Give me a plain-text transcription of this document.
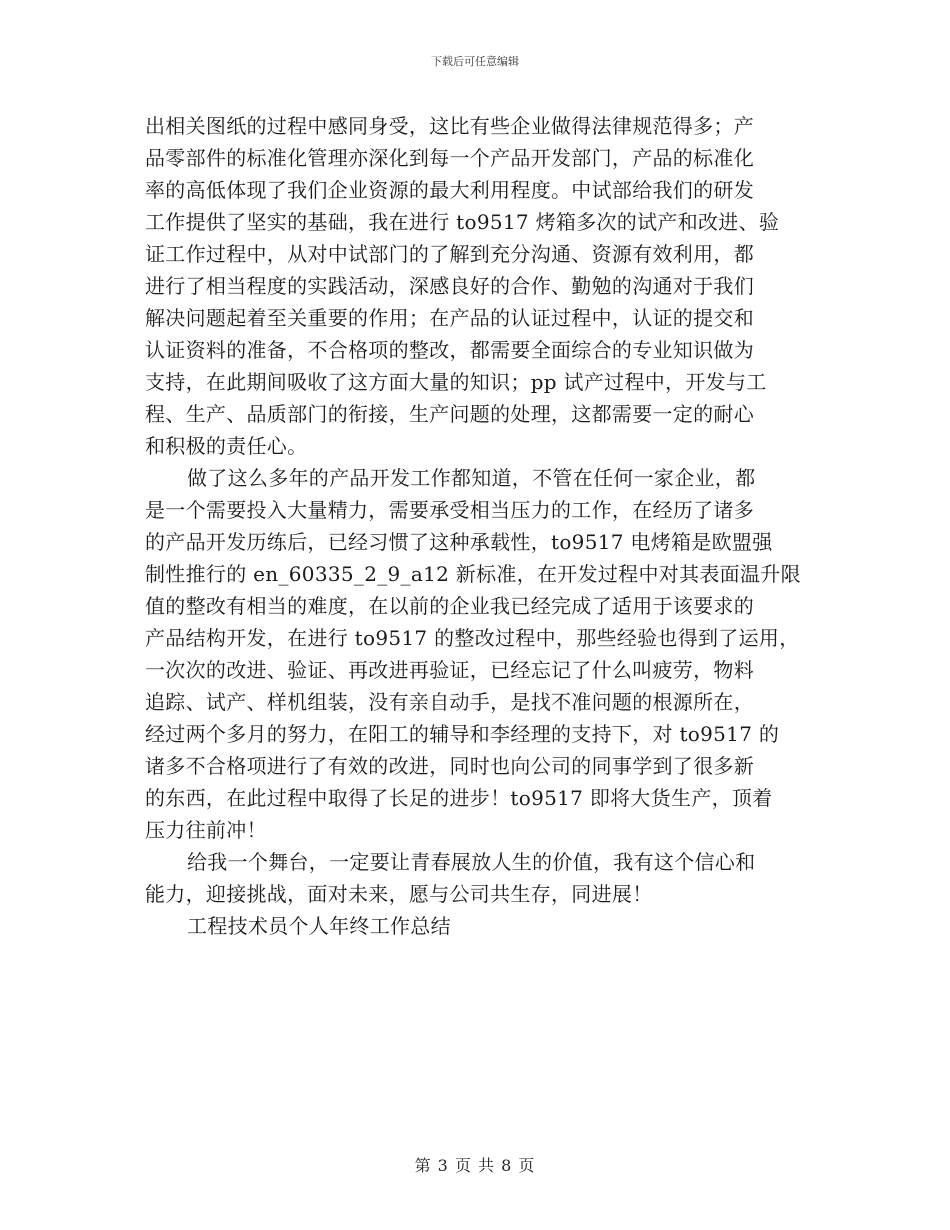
下载后可任意编辑
出相关图纸的过程中感同身受，这比有些企业做得法律规范得多；产
品零部件的标准化管理亦深化到每一个产品开发部门，产品的标准化
率的高低体现了我们企业资源的最大利用程度。中试部给我们的研发
工作提供了坚实的基础，我在进行 to9517 烤箱多次的试产和改进、验
证工作过程中，从对中试部门的了解到充分沟通、资源有效利用，都
进行了相当程度的实践活动，深感良好的合作、勤勉的沟通对于我们
解决问题起着至关重要的作用；在产品的认证过程中，认证的提交和
认证资料的准备，不合格项的整改，都需要全面综合的专业知识做为
支持，在此期间吸收了这方面大量的知识；pp 试产过程中，开发与工
程、生产、品质部门的衔接，生产问题的处理，这都需要一定的耐心
和积极的责任心。
做了这么多年的产品开发工作都知道，不管在任何一家企业，都
是一个需要投入大量精力，需要承受相当压力的工作，在经历了诸多
的产品开发历练后，已经习惯了这种承载性，to9517 电烤箱是欧盟强
制性推行的 en_60335_2_9_a12 新标准，在开发过程中对其表面温升限
值的整改有相当的难度，在以前的企业我已经完成了适用于该要求的
产品结构开发，在进行 to9517 的整改过程中，那些经验也得到了运用，
一次次的改进、验证、再改进再验证，已经忘记了什么叫疲劳，物料
追踪、试产、样机组装，没有亲自动手，是找不准问题的根源所在，
经过两个多月的努力，在阳工的辅导和李经理的支持下，对 to9517 的
诸多不合格项进行了有效的改进，同时也向公司的同事学到了很多新
的东西，在此过程中取得了长足的进步！to9517 即将大货生产，顶着
压力往前冲！
给我一个舞台，一定要让青春展放人生的价值，我有这个信心和
能力，迎接挑战，面对未来，愿与公司共生存，同进展！
工程技术员个人年终工作总结
第 3 页 共 8 页
